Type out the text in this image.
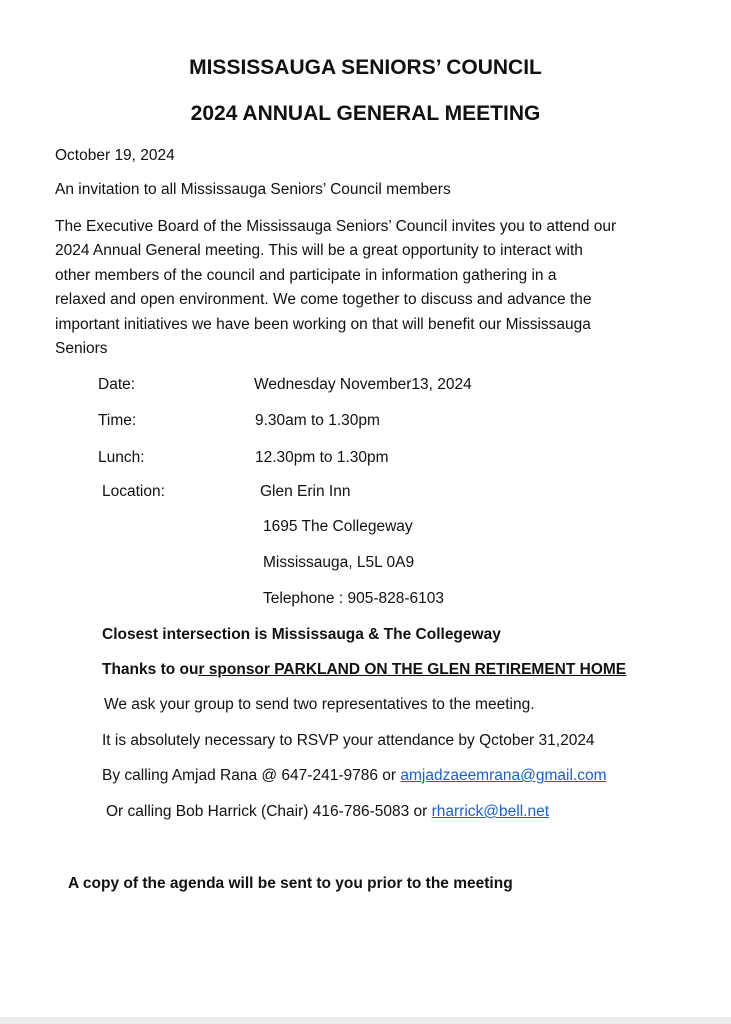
MISSISSAUGA SENIORS’ COUNCIL
2024 ANNUAL GENERAL MEETING
October 19, 2024
An invitation to all Mississauga Seniors’ Council members
The Executive Board of the Mississauga Seniors’ Council invites you to attend our
2024 Annual General meeting. This will be a great opportunity to interact with
other members of the council and participate in information gathering in a
relaxed and open environment. We come together to discuss and advance the
important initiatives we have been working on that will benefit our Mississauga
Seniors
Date:	Wednesday November13, 2024
Time:	9.30am to 1.30pm
Lunch:	12.30pm to 1.30pm
Location:	Glen Erin Inn
1695 The Collegeway
Mississauga, L5L 0A9
Telephone : 905-828-6103
Closest intersection is Mississauga & The Collegeway
Thanks to our sponsor PARKLAND ON THE GLEN RETIREMENT HOME
We ask your group to send two representatives to the meeting.
It is absolutely necessary to RSVP your attendance by Qctober 31,2024
By calling Amjad Rana @ 647-241-9786 or amjadzaeemrana@gmail.com
Or calling Bob Harrick (Chair) 416-786-5083 or rharrick@bell.net
A copy of the agenda will be sent to you prior to the meeting
